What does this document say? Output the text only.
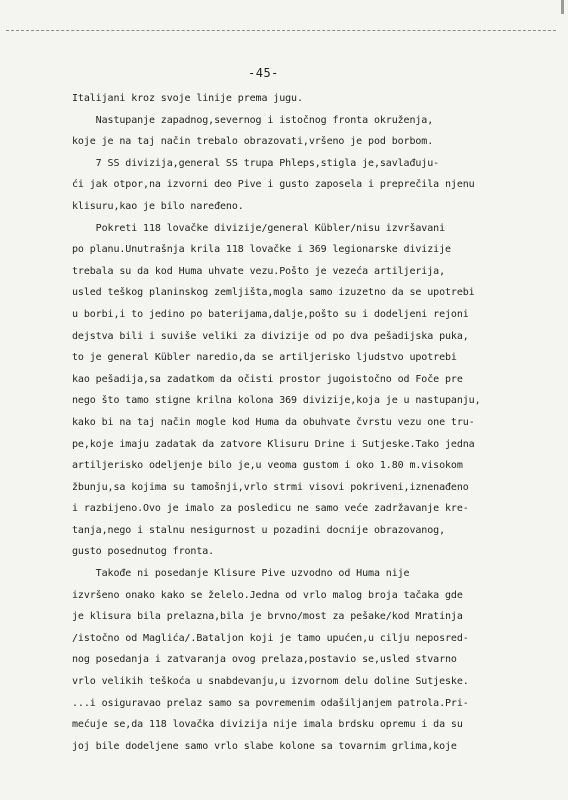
-45-
Italijani kroz svoje linije prema jugu.
Nastupanje zapadnog,severnog i istočnog fronta okruženja,
koje je na taj način trebalo obrazovati,vršeno je pod borbom.
7 SS divizija,general SS trupa Phleps,stigla je,savlađuju-
ći jak otpor,na izvorni deo Pive i gusto zaposela i preprečila njenu
klisuru,kao je bilo naređeno.
Pokreti 118 lovačke divizije/general Kübler/nisu izvršavani
po planu.Unutrašnja krila 118 lovačke i 369 legionarske divizije
trebala su da kod Huma uhvate vezu.Pošto je vezeća artiljerija,
usled teškog planinskog zemljišta,mogla samo izuzetno da se upotrebi
u borbi,i to jedino po baterijama,dalje,pošto su i dodeljeni rejoni
dejstva bili i suviše veliki za divizije od po dva pešadijska puka,
to je general Kübler naredio,da se artiljerisko ljudstvo upotrebi
kao pešadija,sa zadatkom da očisti prostor jugoistočno od Foče pre
nego što tamo stigne krilna kolona 369 divizije,koja je u nastupanju,
kako bi na taj način mogle kod Huma da obuhvate čvrstu vezu one tru-
pe,koje imaju zadatak da zatvore Klisuru Drine i Sutjeske.Tako jedna
artiljerisko odeljenje bilo je,u veoma gustom i oko 1.80 m.visokom
žbunju,sa kojima su tamošnji,vrlo strmi visovi pokriveni,iznenađeno
i razbijeno.Ovo je imalo za posledicu ne samo veće zadržavanje kre-
tanja,nego i stalnu nesigurnost u pozadini docnije obrazovanog,
gusto posednutog fronta.
Takođe ni posedanje Klisure Pive uzvodno od Huma nije
izvršeno onako kako se želelo.Jedna od vrlo malog broja tačaka gde
je klisura bila prelazna,bila je brvno/most za pešake/kod Mratinja
/istočno od Maglića/.Bataljon koji je tamo upućen,u cilju neposred-
nog posedanja i zatvaranja ovog prelaza,postavio se,usled stvarno
vrlo velikih teškoća u snabdevanju,u izvornom delu doline Sutjeske.
...i osiguravao prelaz samo sa povremenim odašiljanjem patrola.Pri-
mećuje se,da 118 lovačka divizija nije imala brdsku opremu i da su
joj bile dodeljene samo vrlo slabe kolone sa tovarnim grlima,koje
